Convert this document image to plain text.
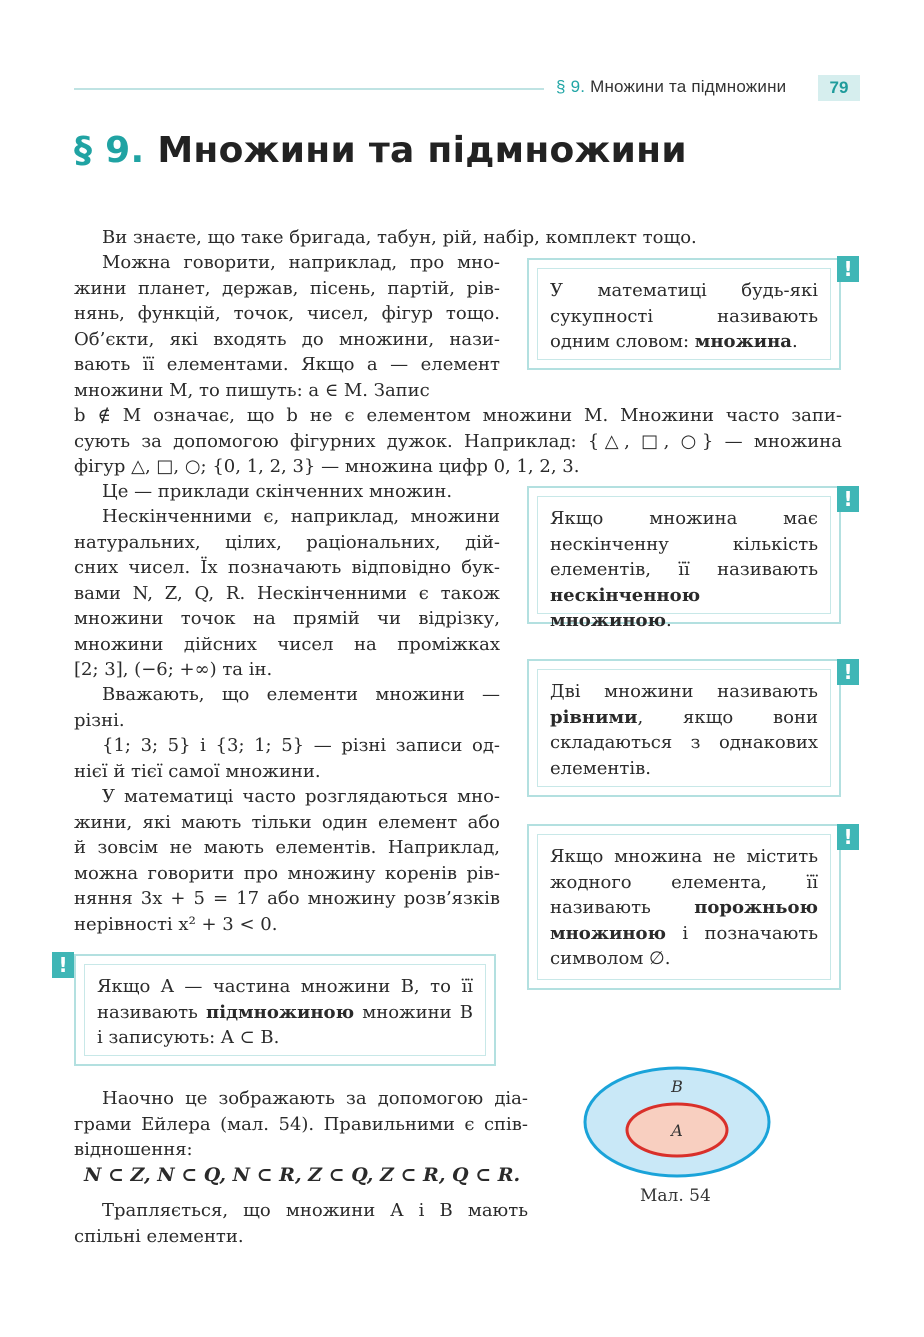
§ 9. Множини та підмножини	79
§ 9. Множини та підмножини

Ви знаєте, що таке бригада, табун, рій, набір, комплект тощо.

Можна говорити, наприклад, про мно-

жини планет, держав, пісень, партій, рів-

нянь, функцій, точок, чисел, фігур тощо.

Об’єкти, які входять до множини, нази-

вають її елементами. Якщо a — елемент

множини M, то пишуть: a ∈ M. Запис

b ∉ M означає, що b не є елементом множини M. Множини часто запи-

сують за допомогою фігурних дужок. Наприклад: {△, □, ○} — множина

фігур △, □, ○; {0, 1, 2, 3} — множина цифр 0, 1, 2, 3.

Це — приклади скінченних множин.

Нескінченними є, наприклад, множини

натуральних, цілих, раціональних, дій-

сних чисел. Їх позначають відповідно бук-

вами N, Z, Q, R. Нескінченними є також

множини точок на прямій чи відрізку,

множини дійсних чисел на проміжках

[2; 3], (−6; +∞) та ін.

Вважають, що елементи множини —

різні.

{1; 3; 5} і {3; 1; 5} — різні записи од-

нієї й тієї самої множини.

У математиці часто розглядаються мно-

жини, які мають тільки один елемент або

й зовсім не мають елементів. Наприклад,

можна говорити про множину коренів рів-

няння 3x + 5 = 17 або множину розв’язків

нерівності x² + 3 < 0.

У математиці будь-які сукупності називають одним словом: множина.
!
Якщо множина має нескінченну кількість елементів, її називають нескінченною множиною.
!
Дві множини називають рівними, якщо вони складаються з однакових елементів.
!
Якщо множина не містить жодного елемента, її називають порожньою множиною і позначають символом ∅.
!
Якщо A — частина множини B, то її називають підмножиною множини B і записують: A ⊂ B.
!

Наочно це зображають за допомогою діа-

грами Ейлера (мал. 54). Правильними є спів-

відношення:

N ⊂ Z, N ⊂ Q, N ⊂ R, Z ⊂ Q, Z ⊂ R, Q ⊂ R.

Трапляється, що множини A і B мають

спільні елементи.

B
A
Мал. 54
